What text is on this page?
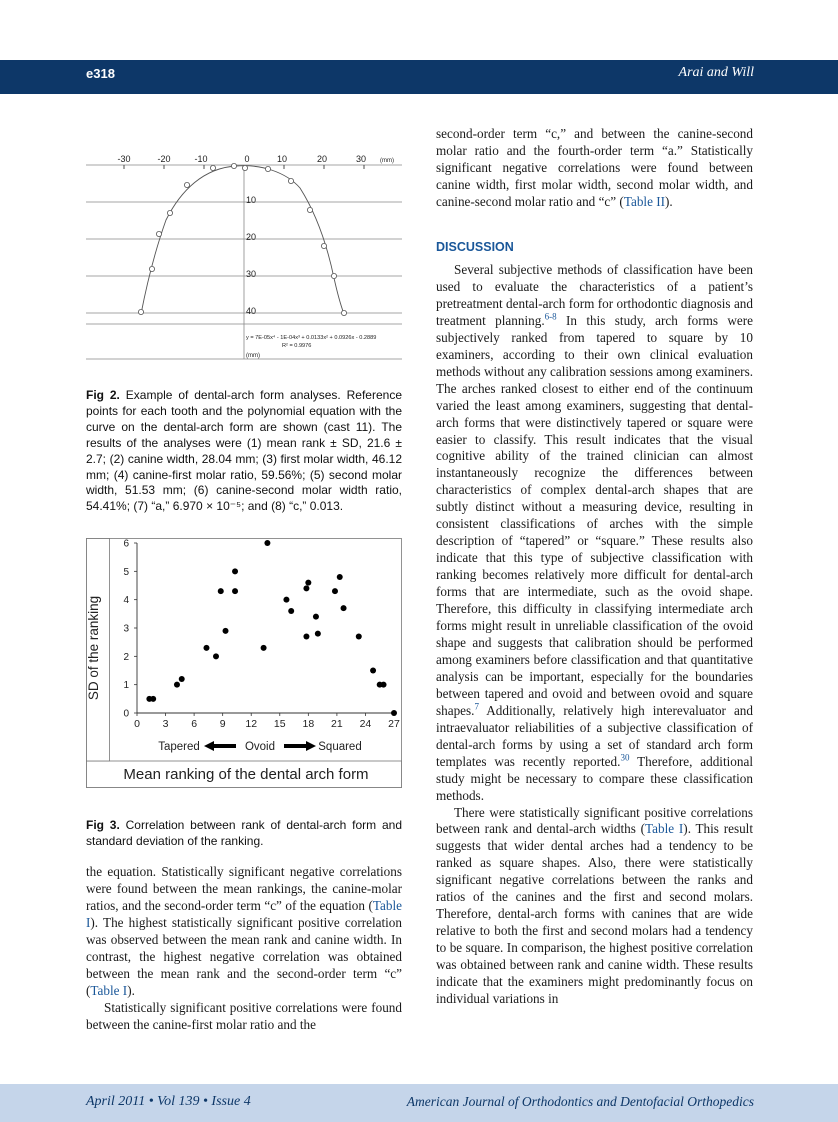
e318	Arai and Will
-30	-20	-10	0	10	20	30 (mm)
10
20
30
40
(mm)
y = 7E-05x⁴ - 1E-04x³ + 0.0133x² + 0.0926x - 0.2889
R² = 0.9976

Fig 2. Example of dental-arch form analyses. Reference points for each tooth and the polynomial equation with the curve on the dental-arch form are shown (cast 11). The results of the analyses were (1) mean rank ± SD, 21.6 ± 2.7; (2) canine width, 28.04 mm; (3) first molar width, 46.12 mm; (4) canine-first molar ratio, 59.56%; (5) second molar width, 51.53 mm; (6) canine-second molar width ratio, 54.41%; (7) “a,” 6.970 × 10⁻⁵; and (8) “c,” 0.013.

0
1
2
3
4
5
6
0 3 6 9 12 15 18 21 24 27
SD of the ranking
Mean ranking of the dental arch form
Tapered	Ovoid	Squared

Fig 3. Correlation between rank of dental-arch form and standard deviation of the ranking.

the equation. Statistically significant negative correlations were found between the mean rankings, the canine-molar ratios, and the second-order term “c” of the equation (Table I). The highest statistically significant positive correlation was observed between the mean rank and canine width. In contrast, the highest negative correlation was obtained between the mean rank and the second-order term “c” (Table I).

Statistically significant positive correlations were found between the canine-first molar ratio and the

second-order term “c,” and between the canine-second molar ratio and the fourth-order term “a.” Statistically significant negative correlations were found between canine width, first molar width, second molar width, and canine-second molar ratio and “c” (Table II).

DISCUSSION

Several subjective methods of classification have been used to evaluate the characteristics of a patient’s pretreatment dental-arch form for orthodontic diagnosis and treatment planning.$^{6-8}$ In this study, arch forms were subjectively ranked from tapered to square by 10 examiners, according to their own clinical evaluation methods without any calibration sessions among examiners. The arches ranked closest to either end of the continuum varied the least among examiners, suggesting that dental-arch forms that were distinctively tapered or square were easier to classify. This result indicates that the visual cognitive ability of the trained clinician can almost instantaneously recognize the differences between characteristics of complex dental-arch shapes that are subtly distinct without a measuring device, resulting in consistent classifications of arches with the simple description of “tapered” or “square.” These results also indicate that this type of subjective classification with ranking becomes relatively more difficult for dental-arch forms that are intermediate, such as the ovoid shape. Therefore, this difficulty in classifying intermediate arch forms might result in unreliable classification of the ovoid shape and suggests that calibration should be performed among examiners before classification and that quantitative analysis can be important, especially for the boundaries between tapered and ovoid and between ovoid and square shapes.$^7$ Additionally, relatively high interevaluator and intraevaluator reliabilities of a subjective classification of dental-arch forms by using a set of standard arch form templates was recently reported.$^{30}$ Therefore, additional study might be necessary to compare these classification methods.

There were statistically significant positive correlations between rank and dental-arch widths (Table I). This result suggests that wider dental arches had a tendency to be ranked as square shapes. Also, there were statistically significant negative correlations between the ranks and ratios of the canines and the first and second molars. Therefore, dental-arch forms with canines that are wide relative to both the first and second molars had a tendency to be square. In comparison, the highest positive correlation was obtained between rank and canine width. These results indicate that the examiners might predominantly focus on individual variations in

April 2011 • Vol 139 • Issue 4	American Journal of Orthodontics and Dentofacial Orthopedics
